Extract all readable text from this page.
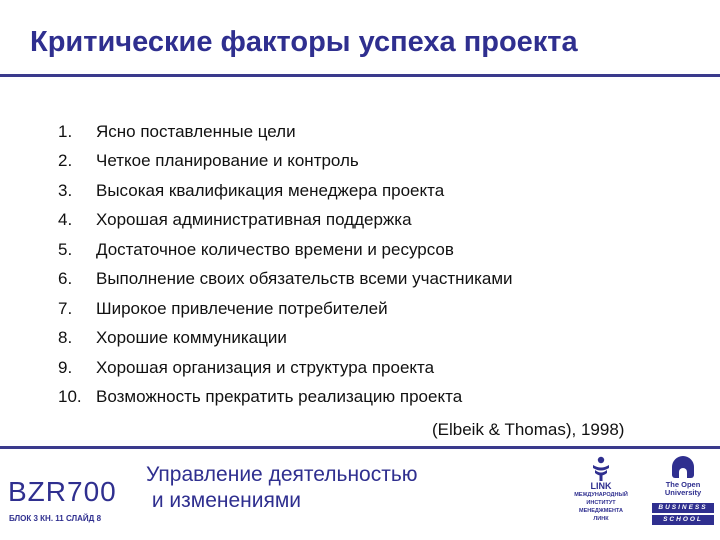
Критические факторы успеха проекта
1.	Ясно поставленные цели
2.	Четкое планирование и контроль
3.	Высокая квалификация менеджера проекта
4.	Хорошая административная поддержка
5.	Достаточное количество времени и ресурсов
6.	Выполнение своих обязательств всеми участниками
7.	Широкое привлечение потребителей
8.	Хорошие коммуникации
9.	Хорошая организация и структура проекта
10. Возможность прекратить реализацию проекта
(Elbeik & Thomas), 1998)
BZR700
БЛОК 3 КН. 11 СЛАЙД 8
Управление деятельностью
и изменениями
LINK
МЕЖДУНАРОДНЫЙ
ИНСТИТУТ
МЕНЕДЖМЕНТА
ЛИНК
The Open
University
BUSINESS
SCHOOL
